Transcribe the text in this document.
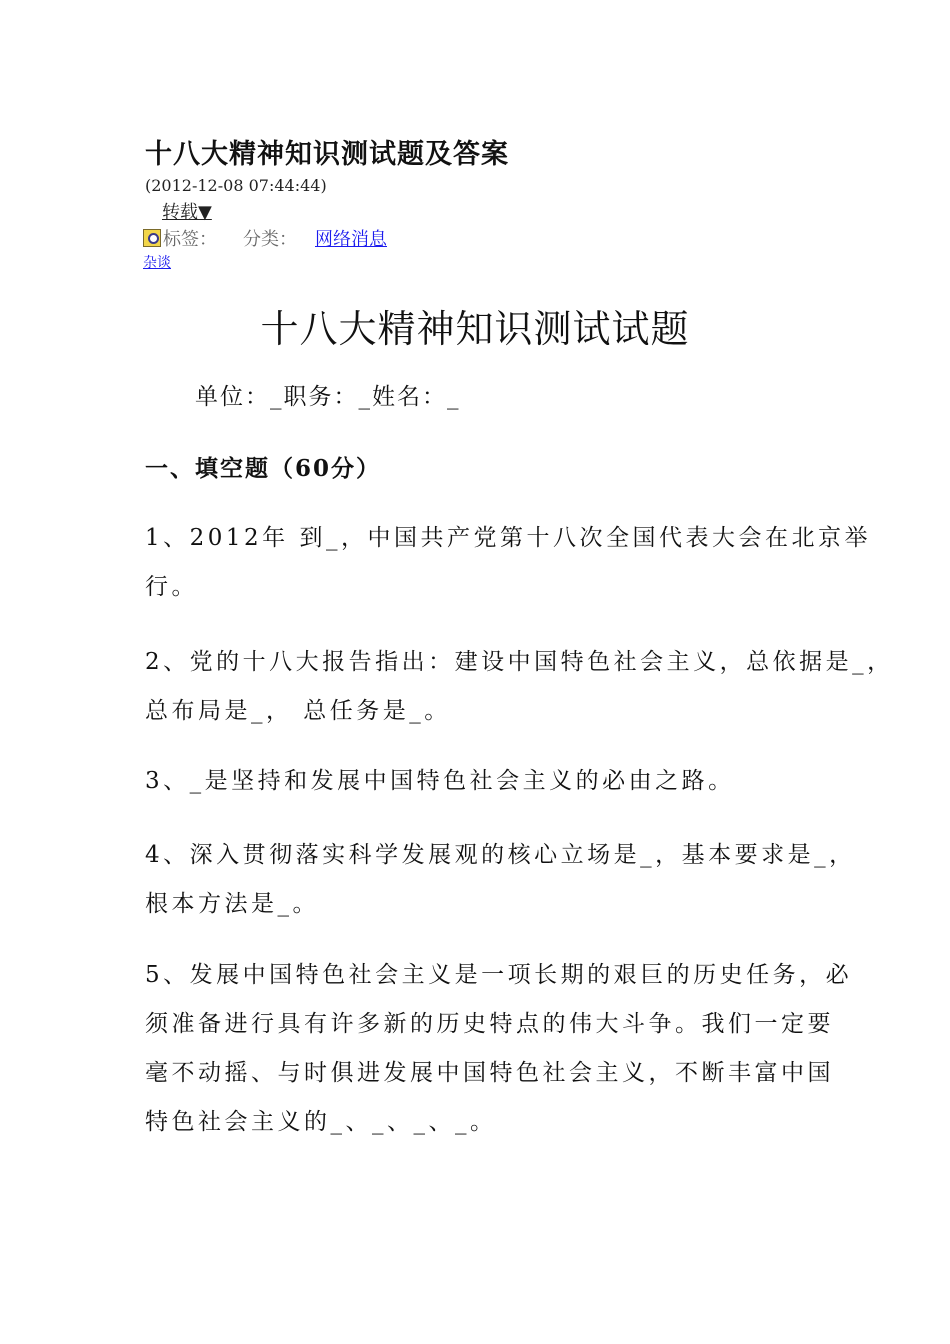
十八大精神知识测试题及答案
(2012-12-08 07:44:44)
转载▼
标签： 分类： 网络消息
杂谈
十八大精神知识测试试题
单位：_职务：_姓名：_
一、填空题（60分）
1、2012年 到_，中国共产党第十八次全国代表大会在北京举
行。
2、党的十八大报告指出：建设中国特色社会主义，总依据是_，
总布局是_， 总任务是_。
3、_是坚持和发展中国特色社会主义的必由之路。
4、深入贯彻落实科学发展观的核心立场是_，基本要求是_，
根本方法是_。
5、发展中国特色社会主义是一项长期的艰巨的历史任务，必
须准备进行具有许多新的历史特点的伟大斗争。我们一定要
毫不动摇、与时俱进发展中国特色社会主义，不断丰富中国
特色社会主义的_、_、_、_。
